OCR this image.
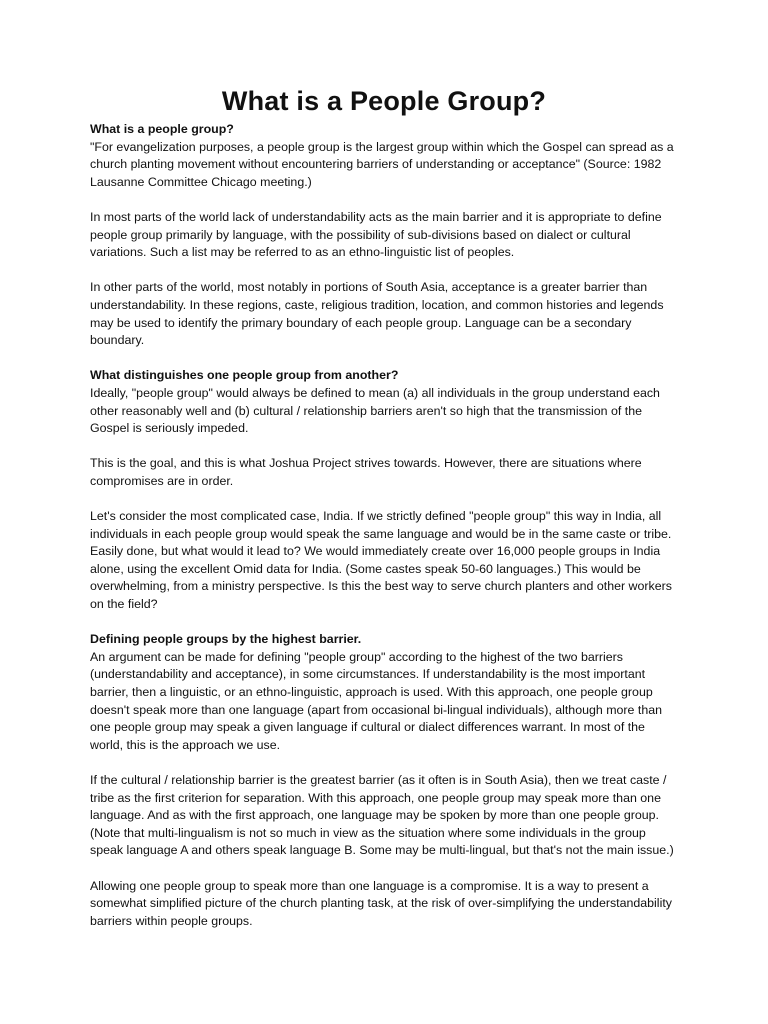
What is a People Group?

What is a people group?
"For evangelization purposes, a people group is the largest group within which the Gospel can spread as a church planting movement without encountering barriers of understanding or acceptance" (Source: 1982 Lausanne Committee Chicago meeting.)

In most parts of the world lack of understandability acts as the main barrier and it is appropriate to define people group primarily by language, with the possibility of sub-divisions based on dialect or cultural variations. Such a list may be referred to as an ethno-linguistic list of peoples.

In other parts of the world, most notably in portions of South Asia, acceptance is a greater barrier than understandability. In these regions, caste, religious tradition, location, and common histories and legends may be used to identify the primary boundary of each people group. Language can be a secondary boundary.

What distinguishes one people group from another?
Ideally, "people group" would always be defined to mean (a) all individuals in the group understand each other reasonably well and (b) cultural / relationship barriers aren't so high that the transmission of the Gospel is seriously impeded.

This is the goal, and this is what Joshua Project strives towards. However, there are situations where compromises are in order.

Let's consider the most complicated case, India. If we strictly defined "people group" this way in India, all individuals in each people group would speak the same language and would be in the same caste or tribe. Easily done, but what would it lead to? We would immediately create over 16,000 people groups in India alone, using the excellent Omid data for India. (Some castes speak 50-60 languages.) This would be overwhelming, from a ministry perspective. Is this the best way to serve church planters and other workers on the field?

Defining people groups by the highest barrier.
An argument can be made for defining "people group" according to the highest of the two barriers (understandability and acceptance), in some circumstances. If understandability is the most important barrier, then a linguistic, or an ethno-linguistic, approach is used. With this approach, one people group doesn't speak more than one language (apart from occasional bi-lingual individuals), although more than one people group may speak a given language if cultural or dialect differences warrant. In most of the world, this is the approach we use.

If the cultural / relationship barrier is the greatest barrier (as it often is in South Asia), then we treat caste / tribe as the first criterion for separation. With this approach, one people group may speak more than one language. And as with the first approach, one language may be spoken by more than one people group. (Note that multi-lingualism is not so much in view as the situation where some individuals in the group speak language A and others speak language B. Some may be multi-lingual, but that's not the main issue.)

Allowing one people group to speak more than one language is a compromise. It is a way to present a somewhat simplified picture of the church planting task, at the risk of over-simplifying the understandability barriers within people groups.
